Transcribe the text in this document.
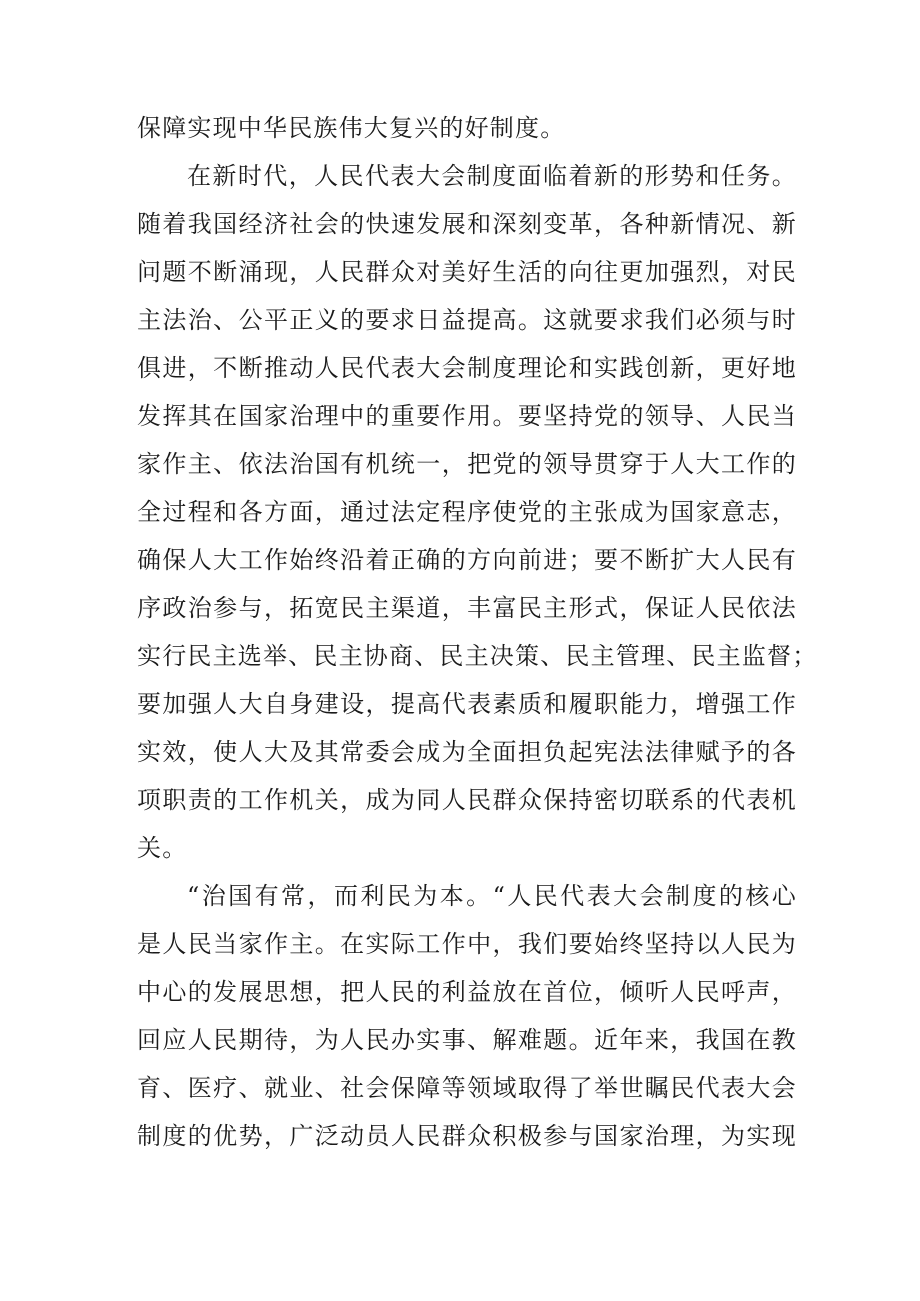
保障实现中华民族伟大复兴的好制度。
在新时代，人民代表大会制度面临着新的形势和任务。
随着我国经济社会的快速发展和深刻变革，各种新情况、新
问题不断涌现，人民群众对美好生活的向往更加强烈，对民
主法治、公平正义的要求日益提高。这就要求我们必须与时
俱进，不断推动人民代表大会制度理论和实践创新，更好地
发挥其在国家治理中的重要作用。要坚持党的领导、人民当
家作主、依法治国有机统一，把党的领导贯穿于人大工作的
全过程和各方面，通过法定程序使党的主张成为国家意志，
确保人大工作始终沿着正确的方向前进；要不断扩大人民有
序政治参与，拓宽民主渠道，丰富民主形式，保证人民依法
实行民主选举、民主协商、民主决策、民主管理、民主监督；
要加强人大自身建设，提高代表素质和履职能力，增强工作
实效，使人大及其常委会成为全面担负起宪法法律赋予的各
项职责的工作机关，成为同人民群众保持密切联系的代表机
关。
“治国有常，而利民为本。“人民代表大会制度的核心
是人民当家作主。在实际工作中，我们要始终坚持以人民为
中心的发展思想，把人民的利益放在首位，倾听人民呼声，
回应人民期待，为人民办实事、解难题。近年来，我国在教
育、医疗、就业、社会保障等领域取得了举世瞩民代表大会
制度的优势，广泛动员人民群众积极参与国家治理，为实现
